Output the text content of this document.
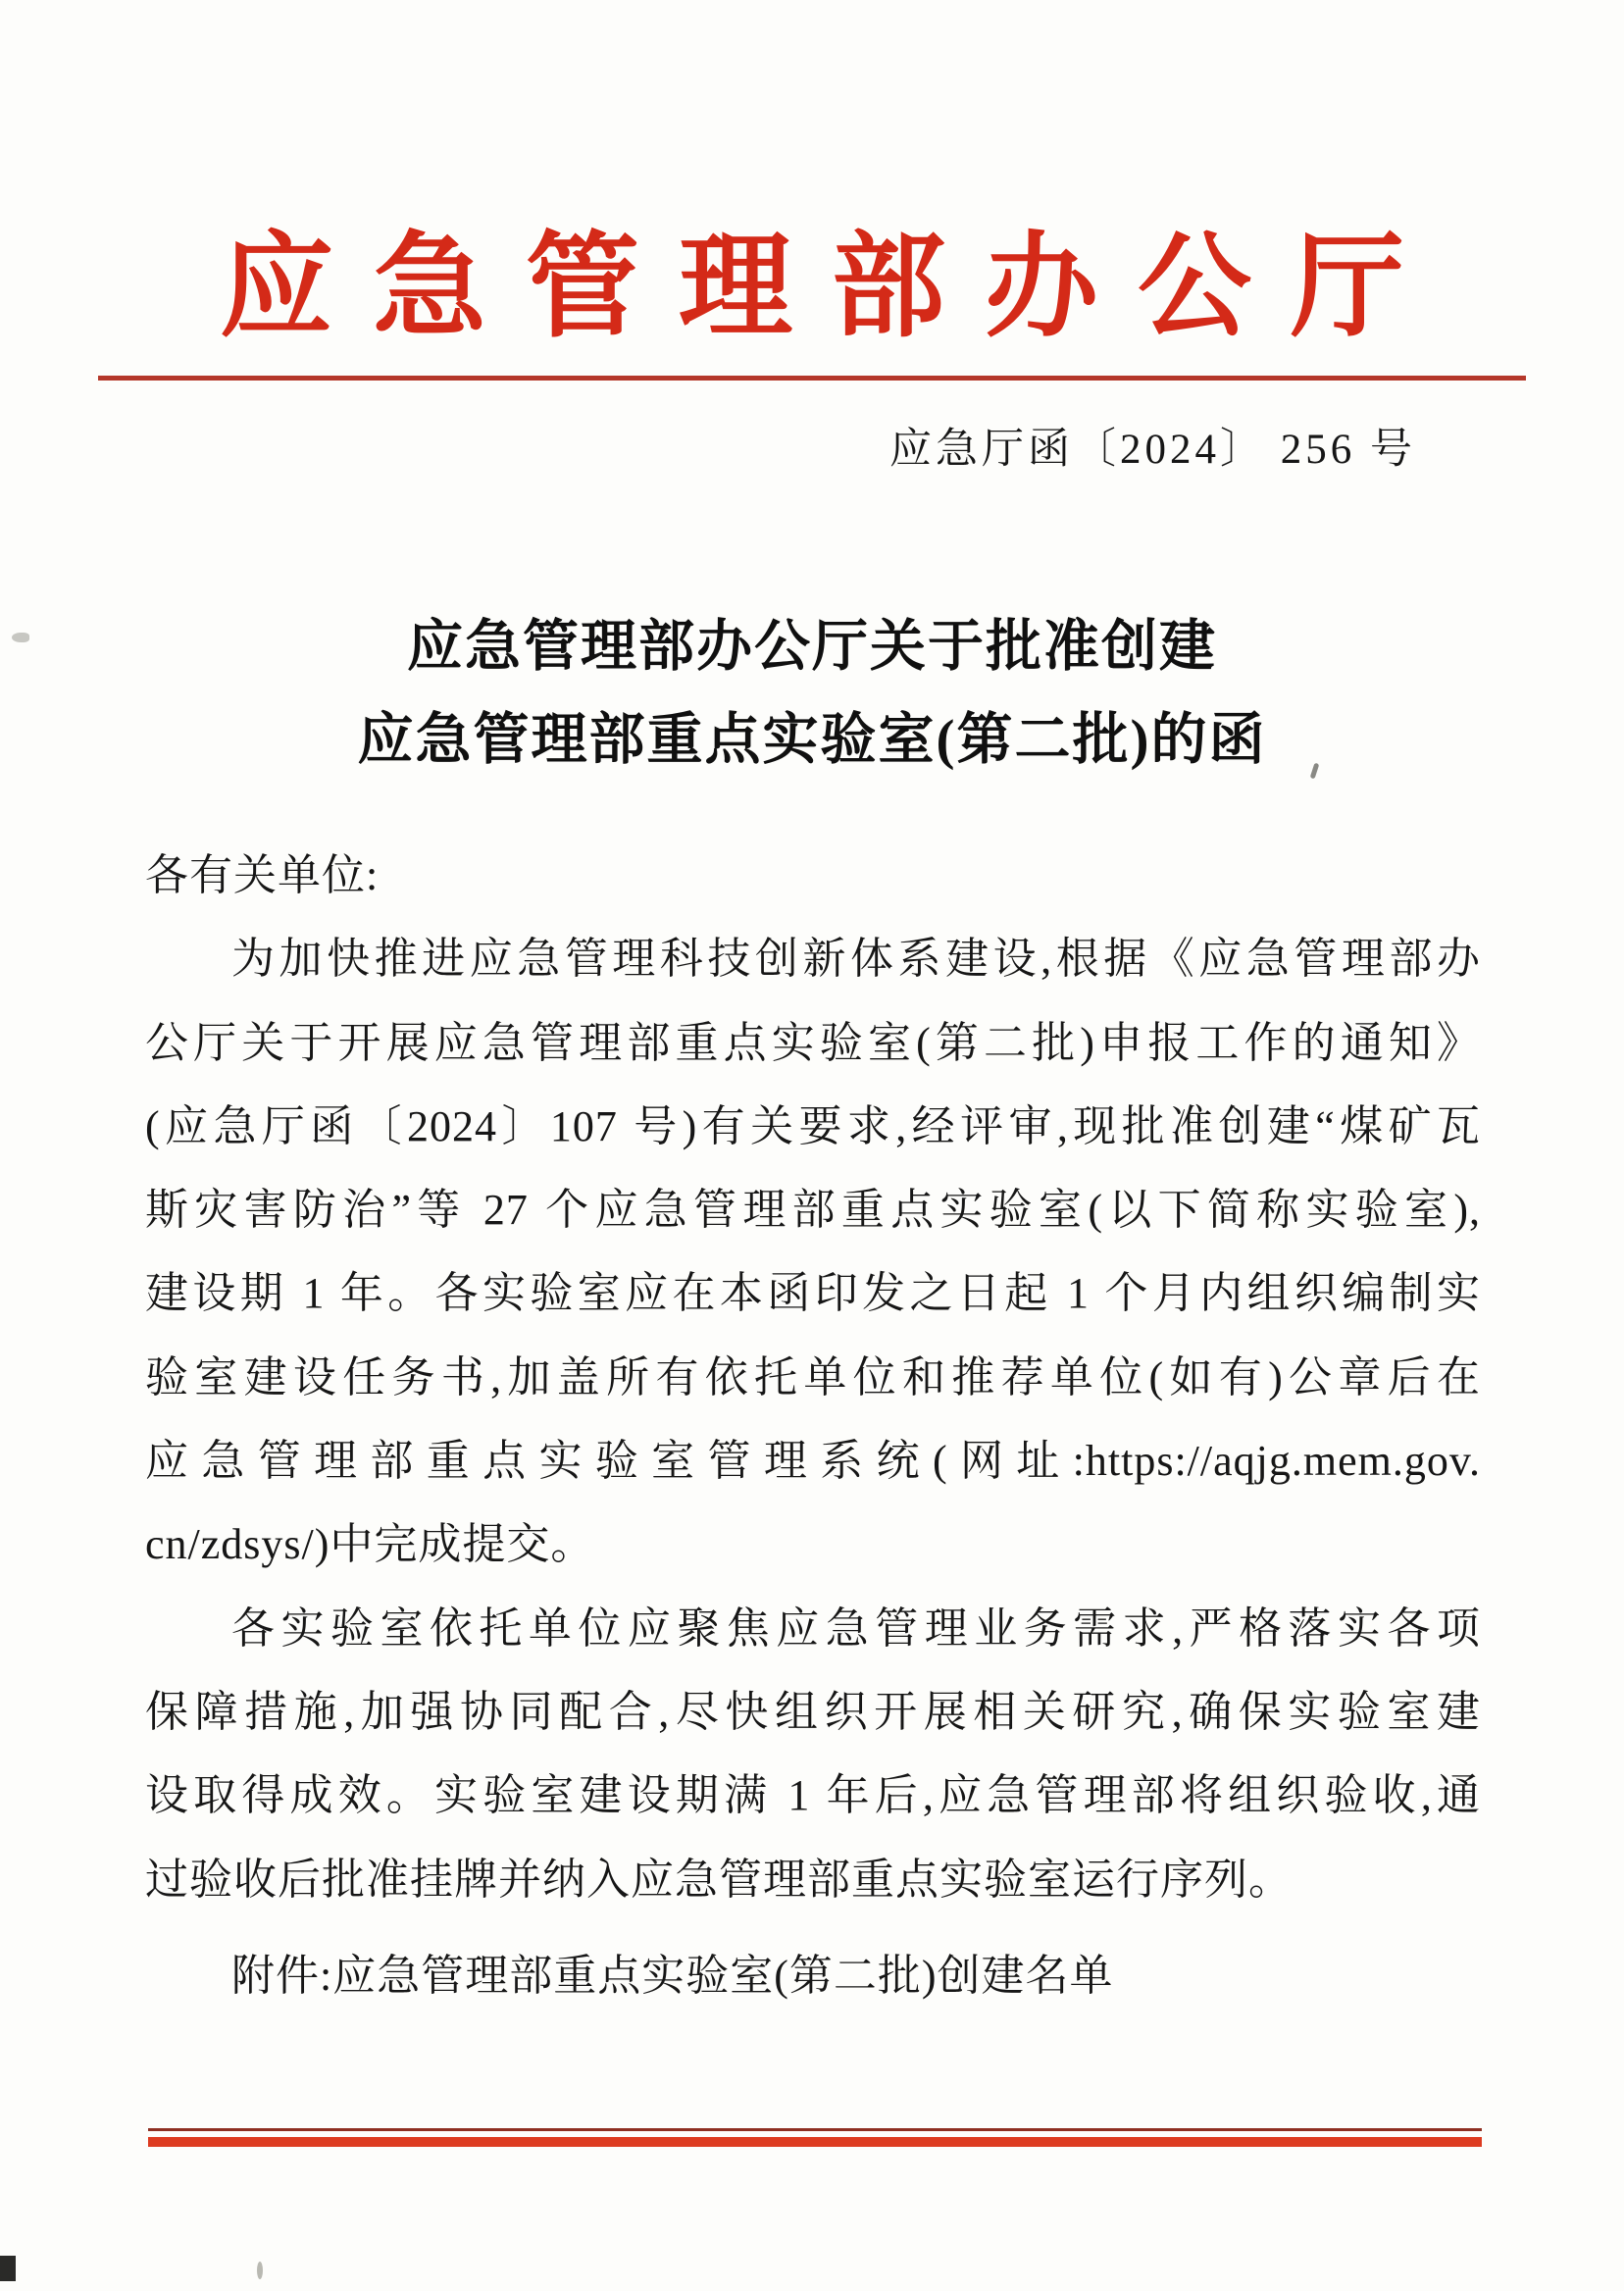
应急管理部办公厅
应急厅函〔2024〕 256 号
应急管理部办公厅关于批准创建
应急管理部重点实验室(第二批)的函
各有关单位:
为加快推进应急管理科技创新体系建设,根据《应急管理部办
公厅关于开展应急管理部重点实验室(第二批)申报工作的通知》
(应急厅函〔2024〕107 号)有关要求,经评审,现批准创建“煤矿瓦
斯灾害防治”等 27 个应急管理部重点实验室(以下简称实验室),
建设期 1 年。各实验室应在本函印发之日起 1 个月内组织编制实
验室建设任务书,加盖所有依托单位和推荐单位(如有)公章后在
应急管理部重点实验室管理系统(网址:https://aqjg.mem.gov.
cn/zdsys/)中完成提交。
各实验室依托单位应聚焦应急管理业务需求,严格落实各项
保障措施,加强协同配合,尽快组织开展相关研究,确保实验室建
设取得成效。实验室建设期满 1 年后,应急管理部将组织验收,通
过验收后批准挂牌并纳入应急管理部重点实验室运行序列。
附件:应急管理部重点实验室(第二批)创建名单
